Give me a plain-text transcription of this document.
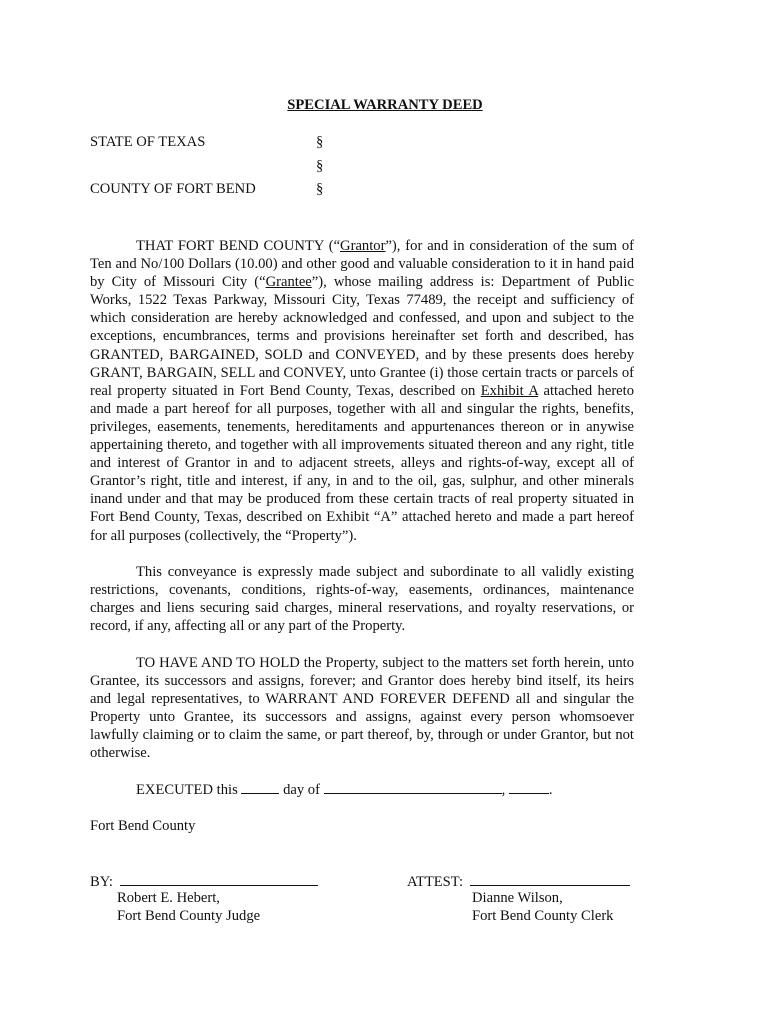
SPECIAL WARRANTY DEED
STATE OF TEXAS	§
§
COUNTY OF FORT BEND	§

THAT FORT BEND COUNTY (“Grantor”), for and in consideration of the sum of Ten and No/100 Dollars (10.00) and other good and valuable consideration to it in hand paid by City of Missouri City (“Grantee”), whose mailing address is: Department of Public Works, 1522 Texas Parkway, Missouri City, Texas 77489, the receipt and sufficiency of which consideration are hereby acknowledged and confessed, and upon and subject to the exceptions, encumbrances, terms and provisions hereinafter set forth and described, has GRANTED, BARGAINED, SOLD and CONVEYED, and by these presents does hereby GRANT, BARGAIN, SELL and CONVEY, unto Grantee (i) those certain tracts or parcels of real property situated in Fort Bend County, Texas, described on Exhibit A attached hereto and made a part hereof for all purposes, together with all and singular the rights, benefits, privileges, easements, tenements, hereditaments and appurtenances thereon or in anywise appertaining thereto, and together with all improvements situated thereon and any right, title and interest of Grantor in and to adjacent streets, alleys and rights-of-way, except all of Grantor’s right, title and interest, if any, in and to the oil, gas, sulphur, and other minerals inand under and that may be produced from these certain tracts of real property situated in Fort Bend County, Texas, described on Exhibit “A” attached hereto and made a part hereof for all purposes (collectively, the “Property”).

This conveyance is expressly made subject and subordinate to all validly existing restrictions, covenants, conditions, rights-of-way, easements, ordinances, maintenance charges and liens securing said charges, mineral reservations, and royalty reservations, or record, if any, affecting all or any part of the Property.

TO HAVE AND TO HOLD the Property, subject to the matters set forth herein, unto Grantee, its successors and assigns, forever; and Grantor does hereby bind itself, its heirs and legal representatives, to WARRANT AND FOREVER DEFEND all and singular the Property unto Grantee, its successors and assigns, against every person whomsoever lawfully claiming or to claim the same, or part thereof, by, through or under Grantor, but not otherwise.

EXECUTED this	day of	,	.
Fort Bend County
BY:
Robert E. Hebert,
Fort Bend County Judge
ATTEST:
Dianne Wilson,
Fort Bend County Clerk
